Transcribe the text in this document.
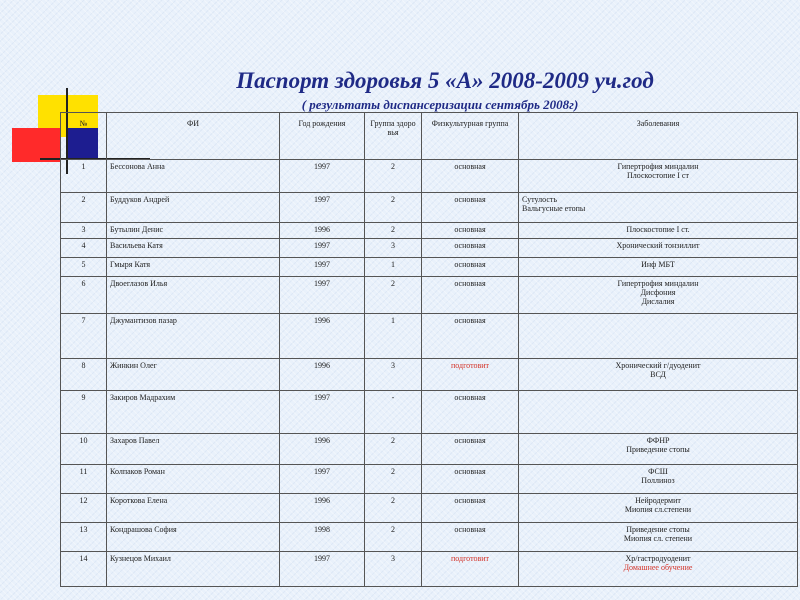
Паспорт здоровья 5 «А» 2008-2009 уч.год
( результаты диспансеризации сентябрь 2008г)
№	ФИ	Год рождения	Группа здоро вья	Физкультурная группа	Заболевания
1	Бессонова Анна	1997	2	основная	Гипертрофия миндалин
Плоскостопие I ст

2	Буддуков Андрей	1997	2	основная	Сутулость
Вальгусные етопы

3	Бутылин Денис	1996	2	основная	Плоскостопие I ст.

4	Васильева Катя	1997	3	основная	Хронический тонзиллит

5	Гмыря Катя	1997	1	основная	Инф МБТ

6	Двоеглазов Илья	1997	2	основная	Гипертрофия миндалин
Дисфония
Дислалия

7	Джумантизов пазар	1996	1	основная	
8	Жинкин Олег	1996	3	подготовит	Хронический г/дуоденит
ВСД

9	Закиров Мадрахим	1997	-	основная	
10	Захаров Павел	1996	2	основная	ФФНР
Приведение стопы

11	Колпаков Роман	1997	2	основная	ФСШ
Поллиноз

12	Короткова Елена	1996	2	основная	Нейродермит
Миопия сл.степени

13	Кондрашова София	1998	2	основная	Приведение стопы
Миопия сл. степени

14	Кузнецов Михаил	1997	3	подготовит	Хр/гастродуоденит
Домашнее обучение
